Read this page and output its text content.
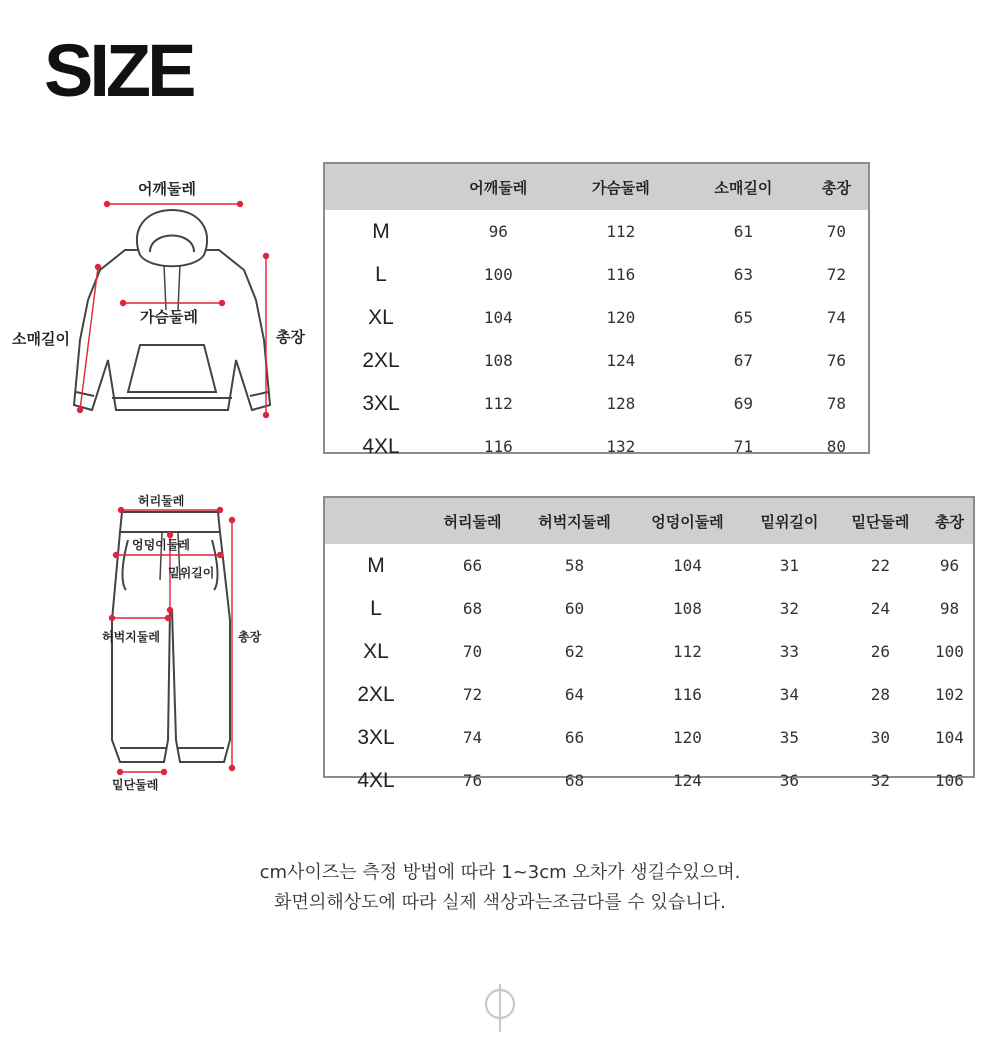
SIZE
어깨둘레
가슴둘레
소매길이	총장
	어깨둘레	가슴둘레	소매길이	총장
M	96	112	61	70
L	100	116	63	72
XL	104	120	65	74
2XL	108	124	67	76
3XL	112	128	69	78
4XL	116	132	71	80
허리둘레
엉덩이둘레
밑위길이
허벅지둘레	총장
밑단둘레
	허리둘레	허벅지둘레	엉덩이둘레	밑위길이	밑단둘레	총장
M	66	58	104	31	22	96
L	68	60	108	32	24	98
XL	70	62	112	33	26	100
2XL	72	64	116	34	28	102
3XL	74	66	120	35	30	104
4XL	76	68	124	36	32	106
cm사이즈는 측정 방법에 따라 1~3cm 오차가 생길수있으며.
화면의해상도에 따라 실제 색상과는조금다를 수 있습니다.
